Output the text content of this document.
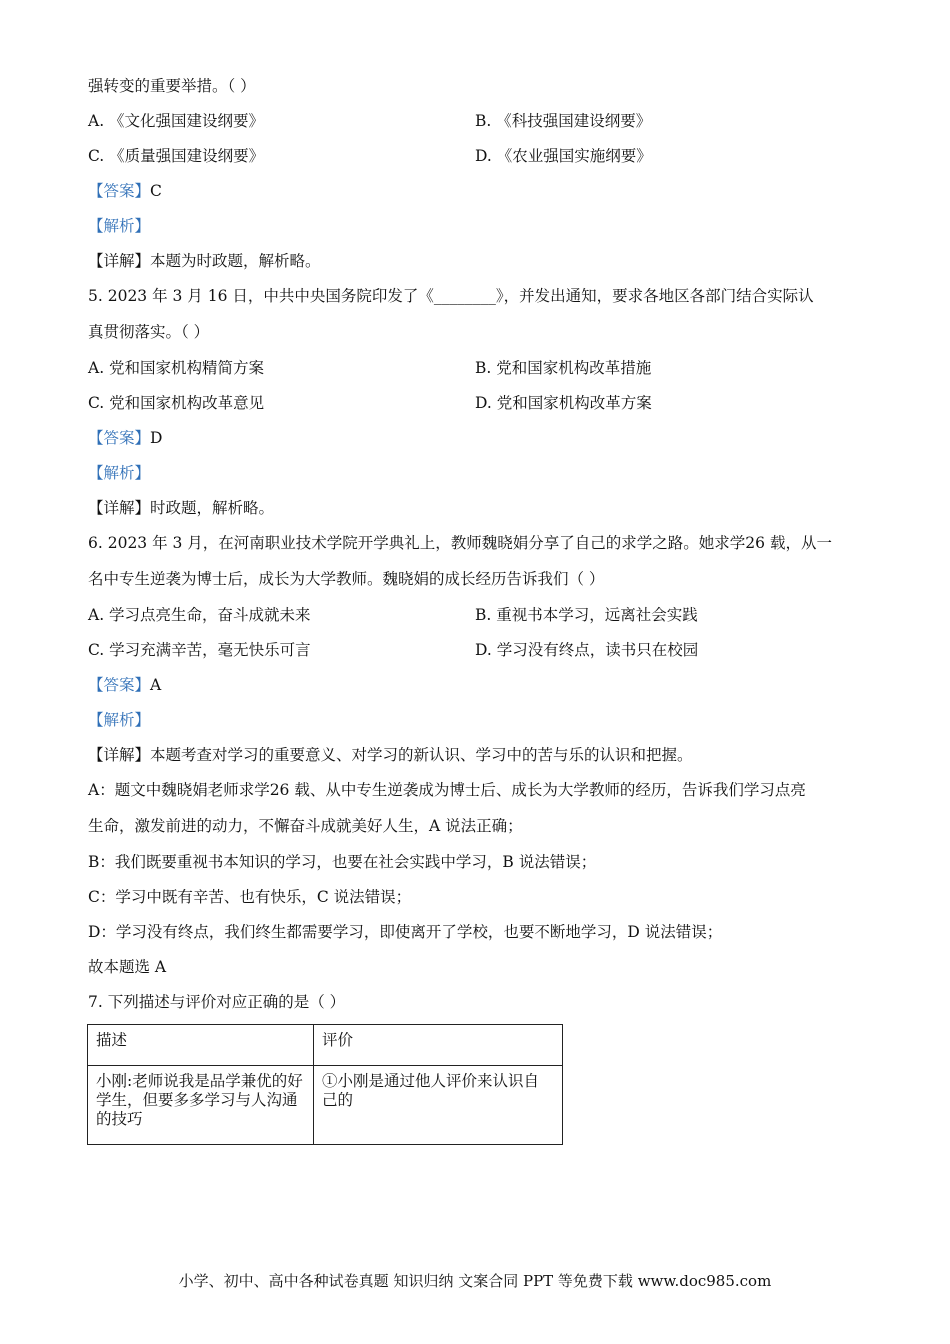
强转变的重要举措。（ ）
A. 《文化强国建设纲要》	B. 《科技强国建设纲要》
C. 《质量强国建设纲要》	D. 《农业强国实施纲要》
【答案】C
【解析】
【详解】本题为时政题，解析略。
5. 2023 年 3 月 16 日，中共中央国务院印发了《________》，并发出通知，要求各地区各部门结合实际认
真贯彻落实。（ ）
A. 党和国家机构精简方案	B. 党和国家机构改革措施
C. 党和国家机构改革意见	D. 党和国家机构改革方案
【答案】D
【解析】
【详解】时政题，解析略。
6. 2023 年 3 月，在河南职业技术学院开学典礼上，教师魏晓娟分享了自己的求学之路。她求学26 载，从一
名中专生逆袭为博士后，成长为大学教师。魏晓娟的成长经历告诉我们（ ）
A. 学习点亮生命，奋斗成就未来	B. 重视书本学习，远离社会实践
C. 学习充满辛苦，毫无快乐可言	D. 学习没有终点，读书只在校园
【答案】A
【解析】
【详解】本题考查对学习的重要意义、对学习的新认识、学习中的苦与乐的认识和把握。
A：题文中魏晓娟老师求学26 载、从中专生逆袭成为博士后、成长为大学教师的经历，告诉我们学习点亮
生命，激发前进的动力，不懈奋斗成就美好人生，A 说法正确；
B：我们既要重视书本知识的学习，也要在社会实践中学习，B 说法错误；
C：学习中既有辛苦、也有快乐，C 说法错误；
D：学习没有终点，我们终生都需要学习，即使离开了学校，也要不断地学习，D 说法错误；
故本题选 A
7. 下列描述与评价对应正确的是（ ）
描述	评价
小刚:老师说我是品学兼优的好学生，但要多多学习与人沟通的技巧	①小刚是通过他人评价来认识自己的
小学、初中、高中各种试卷真题 知识归纳 文案合同 PPT 等免费下载 www.doc985.com
